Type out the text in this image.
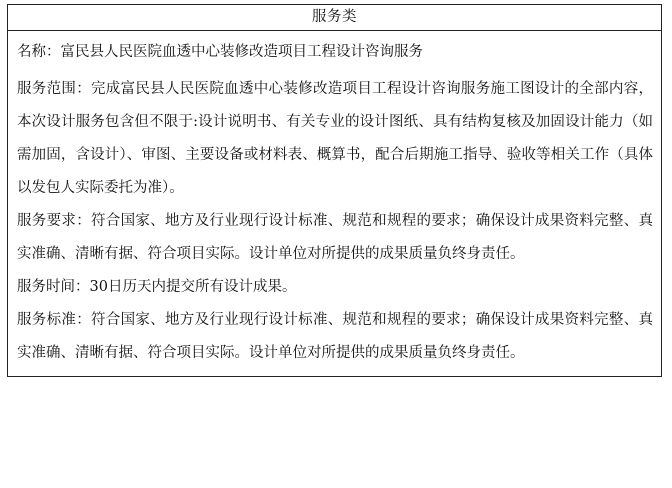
服务类

名称：富民县人民医院血透中心装修改造项目工程设计咨询服务

服务范围：完成富民县人民医院血透中心装修改造项目工程设计咨询服务施工图设计的全部内容，本次设计服务包含但不限于:设计说明书、有关专业的设计图纸、具有结构复核及加固设计能力（如需加固，含设计）、审图、主要设备或材料表、概算书，配合后期施工指导、验收等相关工作（具体以发包人实际委托为准）。

服务要求：符合国家、地方及行业现行设计标准、规范和规程的要求；确保设计成果资料完整、真实准确、清晰有据、符合项目实际。设计单位对所提供的成果质量负终身责任。

服务时间：30日历天内提交所有设计成果。

服务标准：符合国家、地方及行业现行设计标准、规范和规程的要求；确保设计成果资料完整、真实准确、清晰有据、符合项目实际。设计单位对所提供的成果质量负终身责任。
